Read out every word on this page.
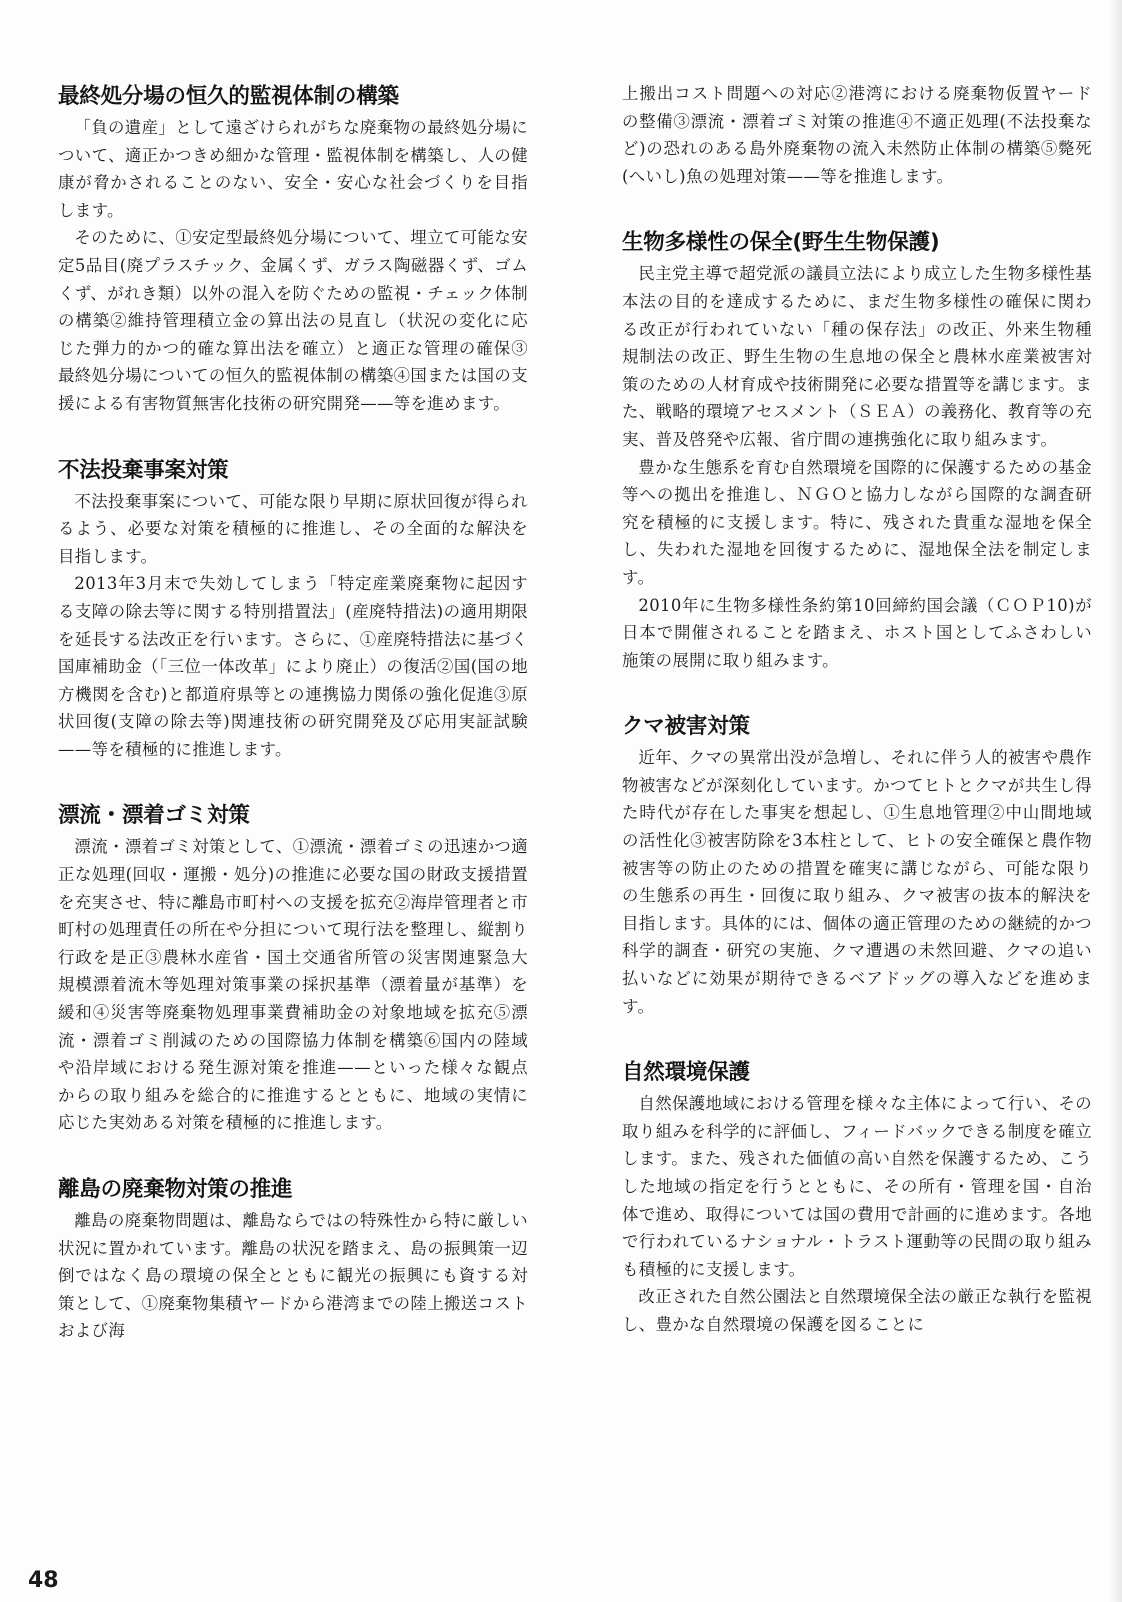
最終処分場の恒久的監視体制の構築

「負の遺産」として遠ざけられがちな廃棄物の最終処分場について、適正かつきめ細かな管理・監視体制を構築し、人の健康が脅かされることのない、安全・安心な社会づくりを目指します。

そのために、①安定型最終処分場について、埋立て可能な安定5品目(廃プラスチック、金属くず、ガラス陶磁器くず、ゴムくず、がれき類）以外の混入を防ぐための監視・チェック体制の構築②維持管理積立金の算出法の見直し（状況の変化に応じた弾力的かつ的確な算出法を確立）と適正な管理の確保③最終処分場についての恒久的監視体制の構築④国または国の支援による有害物質無害化技術の研究開発——等を進めます。

不法投棄事案対策

不法投棄事案について、可能な限り早期に原状回復が得られるよう、必要な対策を積極的に推進し、その全面的な解決を目指します。

2013年3月末で失効してしまう「特定産業廃棄物に起因する支障の除去等に関する特別措置法」(産廃特措法)の適用期限を延長する法改正を行います。さらに、①産廃特措法に基づく国庫補助金（「三位一体改革」により廃止）の復活②国(国の地方機関を含む)と都道府県等との連携協力関係の強化促進③原状回復(支障の除去等)関連技術の研究開発及び応用実証試験——等を積極的に推進します。

漂流・漂着ゴミ対策

漂流・漂着ゴミ対策として、①漂流・漂着ゴミの迅速かつ適正な処理(回収・運搬・処分)の推進に必要な国の財政支援措置を充実させ、特に離島市町村への支援を拡充②海岸管理者と市町村の処理責任の所在や分担について現行法を整理し、縦割り行政を是正③農林水産省・国土交通省所管の災害関連緊急大規模漂着流木等処理対策事業の採択基準（漂着量が基準）を緩和④災害等廃棄物処理事業費補助金の対象地域を拡充⑤漂流・漂着ゴミ削減のための国際協力体制を構築⑥国内の陸域や沿岸域における発生源対策を推進——といった様々な観点からの取り組みを総合的に推進するとともに、地域の実情に応じた実効ある対策を積極的に推進します。

離島の廃棄物対策の推進

離島の廃棄物問題は、離島ならではの特殊性から特に厳しい状況に置かれています。離島の状況を踏まえ、島の振興策一辺倒ではなく島の環境の保全とともに観光の振興にも資する対策として、①廃棄物集積ヤードから港湾までの陸上搬送コストおよび海

上搬出コスト問題への対応②港湾における廃棄物仮置ヤードの整備③漂流・漂着ゴミ対策の推進④不適正処理(不法投棄など)の恐れのある島外廃棄物の流入未然防止体制の構築⑤斃死(へいし)魚の処理対策——等を推進します。

生物多様性の保全(野生生物保護)

民主党主導で超党派の議員立法により成立した生物多様性基本法の目的を達成するために、まだ生物多様性の確保に関わる改正が行われていない「種の保存法」の改正、外来生物種規制法の改正、野生生物の生息地の保全と農林水産業被害対策のための人材育成や技術開発に必要な措置等を講じます。また、戦略的環境アセスメント（ＳＥＡ）の義務化、教育等の充実、普及啓発や広報、省庁間の連携強化に取り組みます。

豊かな生態系を育む自然環境を国際的に保護するための基金等への拠出を推進し、ＮＧＯと協力しながら国際的な調査研究を積極的に支援します。特に、残された貴重な湿地を保全し、失われた湿地を回復するために、湿地保全法を制定します。

2010年に生物多様性条約第10回締約国会議（ＣＯＰ10)が日本で開催されることを踏まえ、ホスト国としてふさわしい施策の展開に取り組みます。

クマ被害対策

近年、クマの異常出没が急増し、それに伴う人的被害や農作物被害などが深刻化しています。かつてヒトとクマが共生し得た時代が存在した事実を想起し、①生息地管理②中山間地域の活性化③被害防除を3本柱として、ヒトの安全確保と農作物被害等の防止のための措置を確実に講じながら、可能な限りの生態系の再生・回復に取り組み、クマ被害の抜本的解決を目指します。具体的には、個体の適正管理のための継続的かつ科学的調査・研究の実施、クマ遭遇の未然回避、クマの追い払いなどに効果が期待できるベアドッグの導入などを進めます。

自然環境保護

自然保護地域における管理を様々な主体によって行い、その取り組みを科学的に評価し、フィードバックできる制度を確立します。また、残された価値の高い自然を保護するため、こうした地域の指定を行うとともに、その所有・管理を国・自治体で進め、取得については国の費用で計画的に進めます。各地で行われているナショナル・トラスト運動等の民間の取り組みも積極的に支援します。

改正された自然公園法と自然環境保全法の厳正な執行を監視し、豊かな自然環境の保護を図ることに

48
